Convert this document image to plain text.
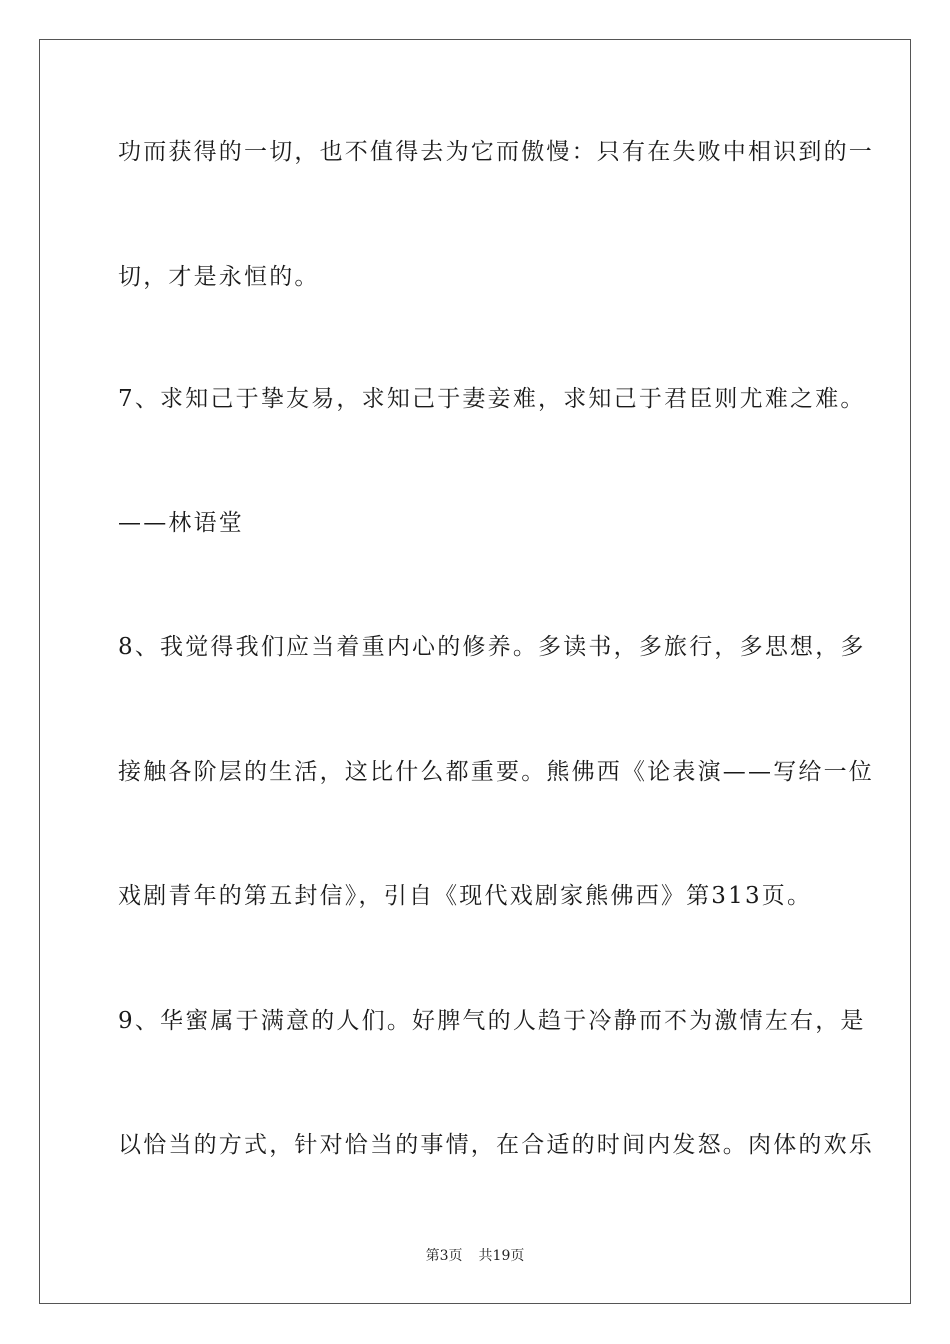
功而获得的一切，也不值得去为它而傲慢：只有在失败中相识到的一
切，才是永恒的。
7、求知己于挚友易，求知己于妻妾难，求知己于君臣则尤难之难。
——林语堂
8、我觉得我们应当着重内心的修养。多读书，多旅行，多思想，多
接触各阶层的生活，这比什么都重要。熊佛西《论表演——写给一位
戏剧青年的第五封信》，引自《现代戏剧家熊佛西》第313页。
9、华蜜属于满意的人们。好脾气的人趋于冷静而不为激情左右，是
以恰当的方式，针对恰当的事情，在合适的时间内发怒。肉体的欢乐
第3页 共19页
